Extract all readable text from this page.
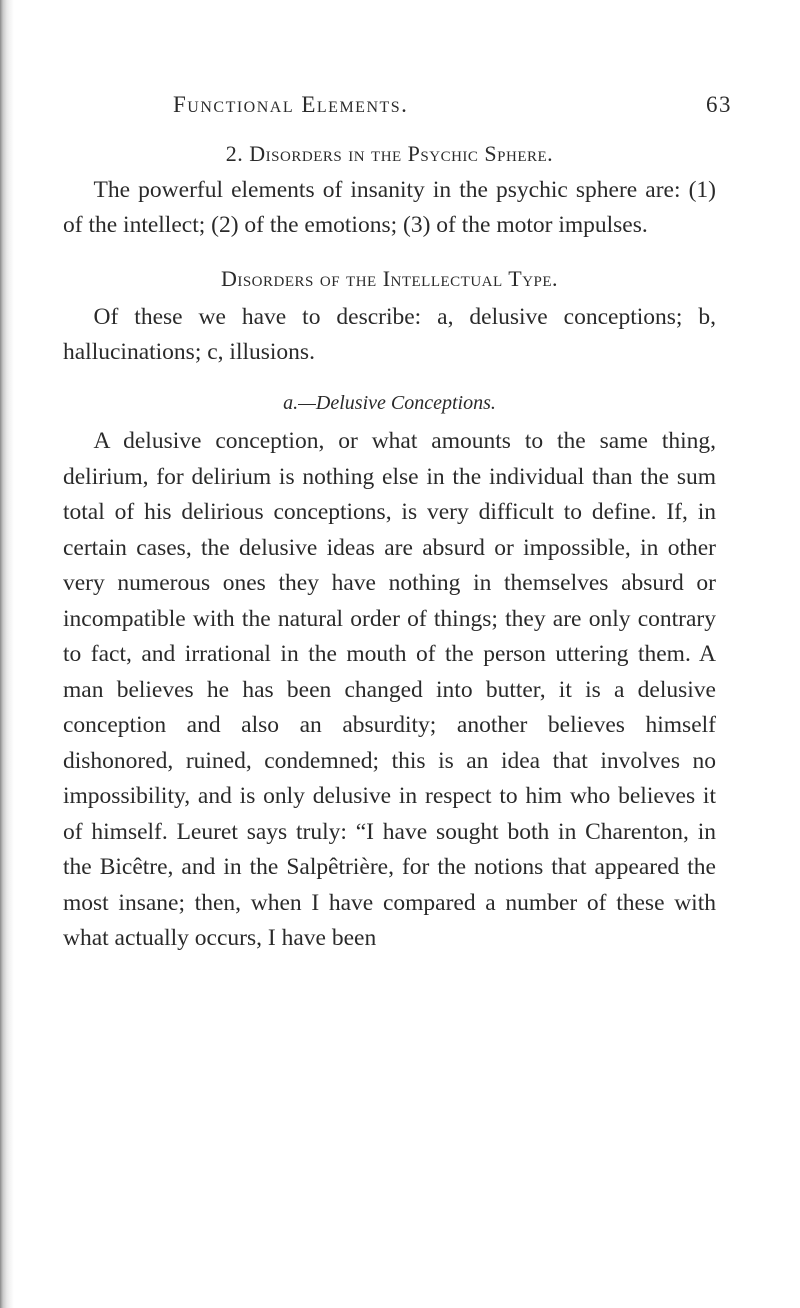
Functional Elements.	63
2. Disorders in the Psychic Sphere.

The powerful elements of insanity in the psychic sphere are: (1) of the intellect; (2) of the emotions; (3) of the motor impulses.

Disorders of the Intellectual Type.

Of these we have to describe: a, delusive conceptions; b, hallucinations; c, illusions.

a.—Delusive Conceptions.

A delusive conception, or what amounts to the same thing, delirium, for delirium is nothing else in the individual than the sum total of his delirious conceptions, is very difficult to define. If, in certain cases, the delusive ideas are absurd or impossible, in other very numerous ones they have nothing in themselves absurd or incompatible with the natural order of things; they are only contrary to fact, and irrational in the mouth of the person uttering them. A man believes he has been changed into butter, it is a delusive conception and also an absurdity; another believes himself dishonored, ruined, condemned; this is an idea that involves no impossibility, and is only delusive in respect to him who believes it of himself. Leuret says truly: “I have sought both in Charenton, in the Bicêtre, and in the Salpêtrière, for the notions that appeared the most insane; then, when I have compared a number of these with what actually occurs, I have been
